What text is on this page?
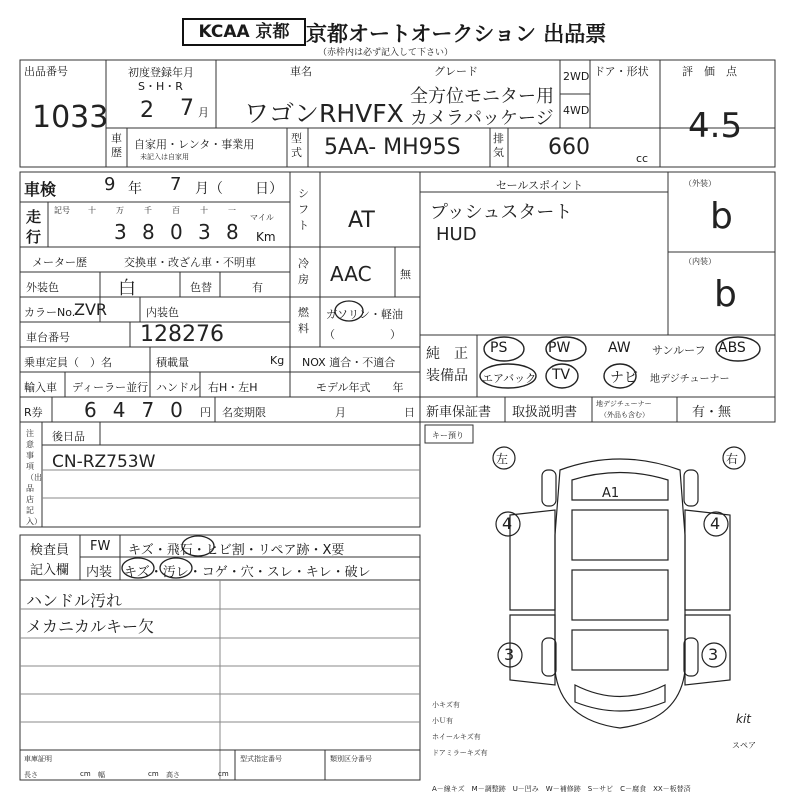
KCAA 京都 京都オートオークション 出品票
（赤枠内は必ず記入して下さい）
出品番号
1033
初度登録年月
S・H・R
2 7 月
車名
ワゴンRHVFX
グレード
全方位モニター用
カメラパッケージ
2WD
4WD
ドア・形状	評　価　点
4.5
車歴
自家用・レンタ・事業用
未記入は自家用
型式 5AA- MH95S	排気 660	cc
車検	9 年 7 月（ 日）
走行
記号 十	万	千	百	十	一
マイル
3 8 0 3 8 Km
メーター歴	交換車・改ざん車・不明車
外装色	白	色替	有
カラーNo.
ZVR	内装色
車台番号	128276
乗車定員（　）名	積載量	Kg
輸入車 ディーラー並行 ハンドル 右H・左H
R券 6470 円 名変期限	月	日
シフト AT
冷房 AAC	無
燃料
ガソリン・軽油
（　　　　　）
NOX 適合・不適合
モデル年式　　年
セールスポイント
プッシュスタート
HUD
（外装）
b
（内装）
b
純　正
装備品
PS	PW	AW サンルーフ ABS
エアバック TV	ナビ 地デジチューナー
新車保証書 取扱説明書
地デジチューナー
（外品も含む）	有・無
注意事項（出品店記入）
後日品
CN-RZ753W
キー預り
左	右
A1
4	4
3	3
小キズ有
小Ｕ有
ホイールキズ有
ドアミラーキズ有
kit
スペア
検査員
記入欄
FW キズ・飛石・ヒビ割・リペア跡・X要
内装 キズ・汚レ・コゲ・穴・スレ・キレ・破レ
ハンドル汚れ
メカニカルキー欠
車庫証明
長さ	cm 幅	cm 高さ	cm
型式指定番号	類別区分番号
A－線キズ　M－調整跡　U－凹み　W－補修跡　S－サビ　C－腐食　XX－板替済
